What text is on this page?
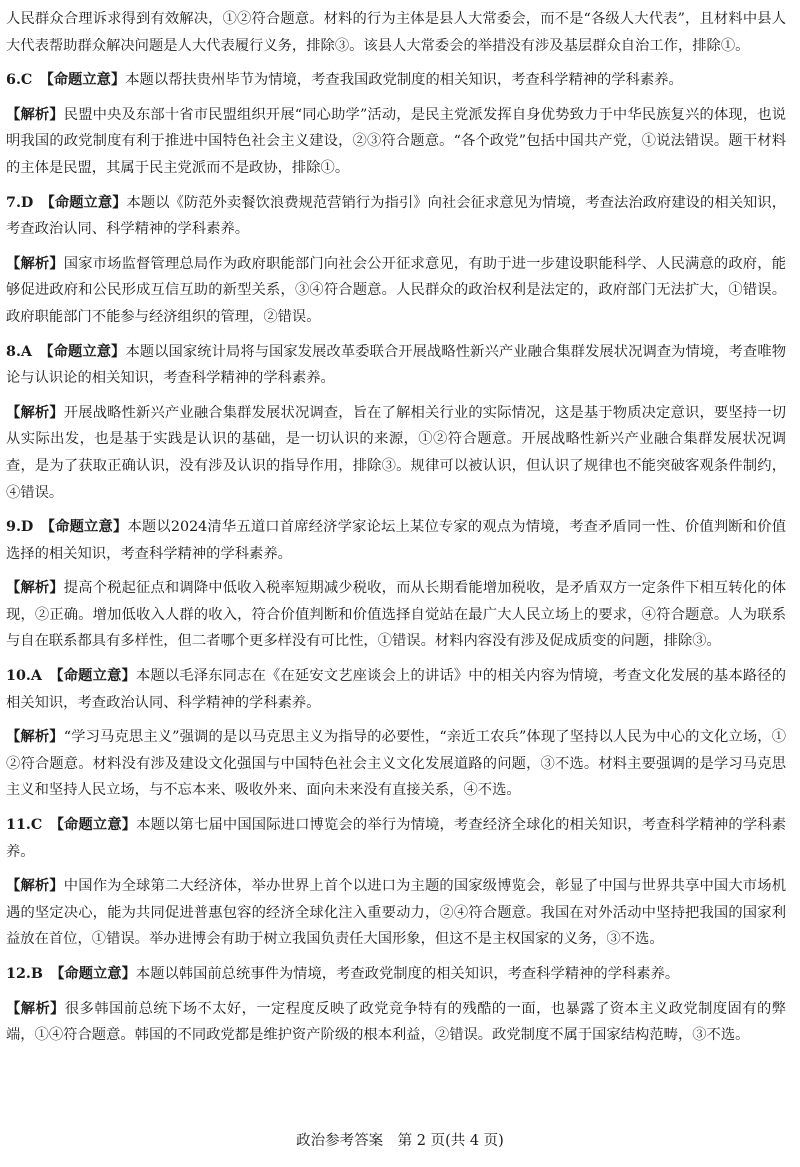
人民群众合理诉求得到有效解决，①②符合题意。材料的行为主体是县人大常委会，而不是“各级人大代表”，且材料中县人大代表帮助群众解决问题是人大代表履行义务，排除③。该县人大常委会的举措没有涉及基层群众自治工作，排除①。

6.C  【命题立意】本题以帮扶贵州毕节为情境，考查我国政党制度的相关知识，考查科学精神的学科素养。

【解析】民盟中央及东部十省市民盟组织开展“同心助学”活动，是民主党派发挥自身优势致力于中华民族复兴的体现，也说明我国的政党制度有利于推进中国特色社会主义建设，②③符合题意。“各个政党”包括中国共产党，①说法错误。题干材料的主体是民盟，其属于民主党派而不是政协，排除①。

7.D  【命题立意】本题以《防范外卖餐饮浪费规范营销行为指引》向社会征求意见为情境，考查法治政府建设的相关知识，考查政治认同、科学精神的学科素养。

【解析】国家市场监督管理总局作为政府职能部门向社会公开征求意见，有助于进一步建设职能科学、人民满意的政府，能够促进政府和公民形成互信互助的新型关系，③④符合题意。人民群众的政治权利是法定的，政府部门无法扩大，①错误。政府职能部门不能参与经济组织的管理，②错误。

8.A  【命题立意】本题以国家统计局将与国家发展改革委联合开展战略性新兴产业融合集群发展状况调查为情境，考查唯物论与认识论的相关知识，考查科学精神的学科素养。

【解析】开展战略性新兴产业融合集群发展状况调查，旨在了解相关行业的实际情况，这是基于物质决定意识，要坚持一切从实际出发，也是基于实践是认识的基础，是一切认识的来源，①②符合题意。开展战略性新兴产业融合集群发展状况调查，是为了获取正确认识，没有涉及认识的指导作用，排除③。规律可以被认识，但认识了规律也不能突破客观条件制约，④错误。

9.D  【命题立意】本题以2024清华五道口首席经济学家论坛上某位专家的观点为情境，考查矛盾同一性、价值判断和价值选择的相关知识，考查科学精神的学科素养。

【解析】提高个税起征点和调降中低收入税率短期减少税收，而从长期看能增加税收，是矛盾双方一定条件下相互转化的体现，②正确。增加低收入人群的收入，符合价值判断和价值选择自觉站在最广大人民立场上的要求，④符合题意。人为联系与自在联系都具有多样性，但二者哪个更多样没有可比性，①错误。材料内容没有涉及促成质变的问题，排除③。

10.A  【命题立意】本题以毛泽东同志在《在延安文艺座谈会上的讲话》中的相关内容为情境，考查文化发展的基本路径的相关知识，考查政治认同、科学精神的学科素养。

【解析】“学习马克思主义”强调的是以马克思主义为指导的必要性，“亲近工农兵”体现了坚持以人民为中心的文化立场，①②符合题意。材料没有涉及建设文化强国与中国特色社会主义文化发展道路的问题，③不选。材料主要强调的是学习马克思主义和坚持人民立场，与不忘本来、吸收外来、面向未来没有直接关系，④不选。

11.C  【命题立意】本题以第七届中国国际进口博览会的举行为情境，考查经济全球化的相关知识，考查科学精神的学科素养。

【解析】中国作为全球第二大经济体，举办世界上首个以进口为主题的国家级博览会，彰显了中国与世界共享中国大市场机遇的坚定决心，能为共同促进普惠包容的经济全球化注入重要动力，②④符合题意。我国在对外活动中坚持把我国的国家利益放在首位，①错误。举办进博会有助于树立我国负责任大国形象，但这不是主权国家的义务，③不选。

12.B  【命题立意】本题以韩国前总统事件为情境，考查政党制度的相关知识，考查科学精神的学科素养。

【解析】很多韩国前总统下场不太好，一定程度反映了政党竞争特有的残酷的一面，也暴露了资本主义政党制度固有的弊端，①④符合题意。韩国的不同政党都是维护资产阶级的根本利益，②错误。政党制度不属于国家结构范畴，③不选。

政治参考答案　第 2 页(共 4 页)
